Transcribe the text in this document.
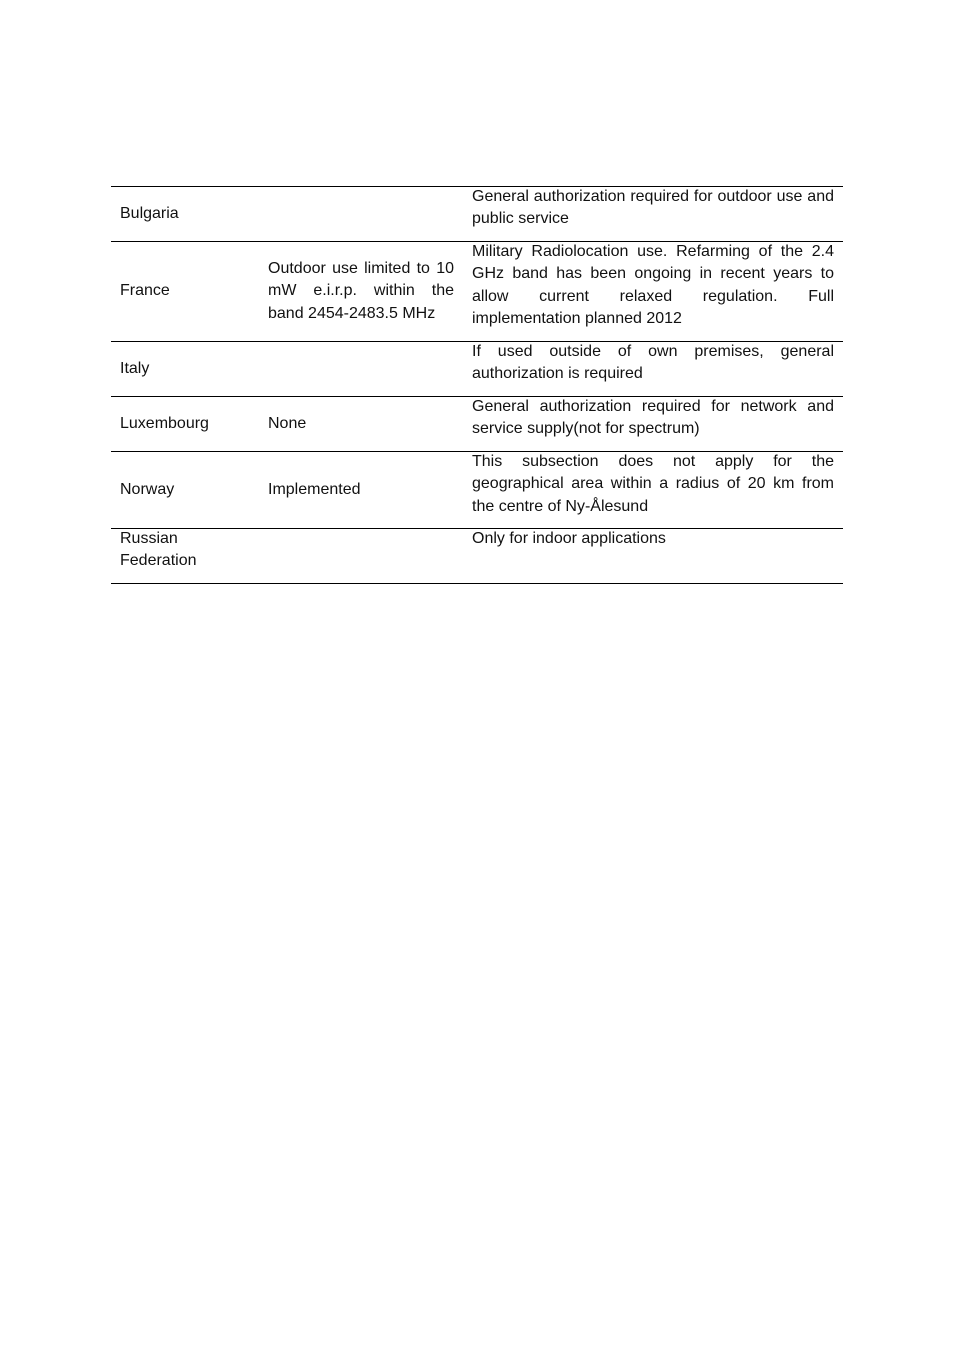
Bulgaria		General authorization required for outdoor use and public service

France	Outdoor use limited to 10 mW e.i.r.p. within the band 2454-2483.5 MHz	Military Radiolocation use. Refarming of the 2.4 GHz band has been ongoing in recent years to allow current relaxed regulation. Full implementation planned 2012

Italy		If used outside of own premises, general authorization is required

Luxembourg	None	General authorization required for network and service supply(not for spectrum)

Norway	Implemented	This subsection does not apply for the geographical area within a radius of 20 km from the centre of Ny-Ålesund

Russian Federation		Only for indoor applications
